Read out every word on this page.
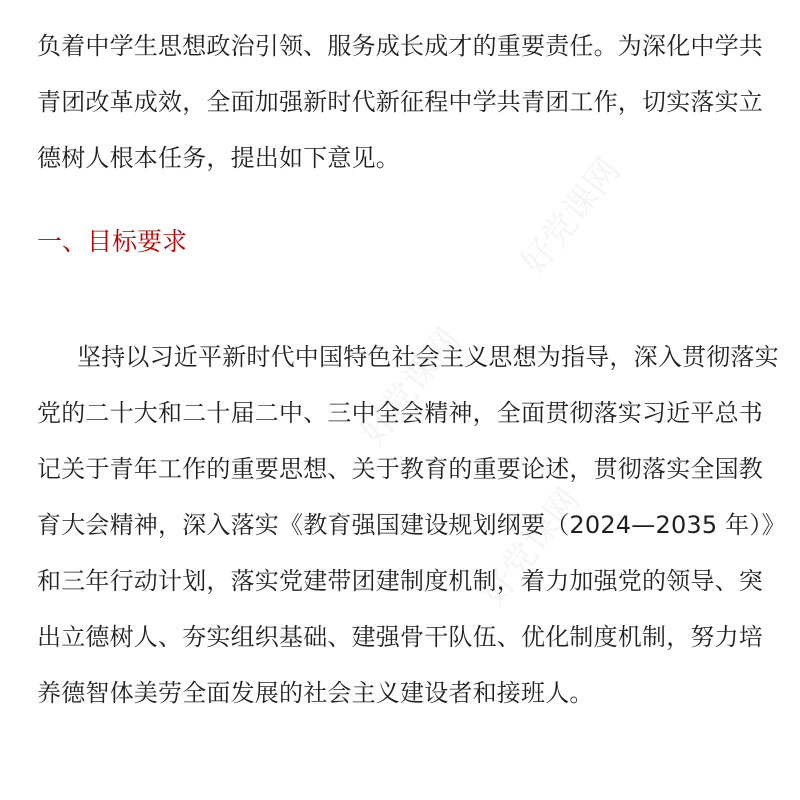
好党课网
好党课网
好党课网
负着中学生思想政治引领、服务成长成才的重要责任。为深化中学共
青团改革成效，全面加强新时代新征程中学共青团工作，切实落实立
德树人根本任务，提出如下意见。
一、目标要求
坚持以习近平新时代中国特色社会主义思想为指导，深入贯彻落实
党的二十大和二十届二中、三中全会精神，全面贯彻落实习近平总书
记关于青年工作的重要思想、关于教育的重要论述，贯彻落实全国教
育大会精神，深入落实《教育强国建设规划纲要（2024—2035 年）》
和三年行动计划，落实党建带团建制度机制，着力加强党的领导、突
出立德树人、夯实组织基础、建强骨干队伍、优化制度机制，努力培
养德智体美劳全面发展的社会主义建设者和接班人。
